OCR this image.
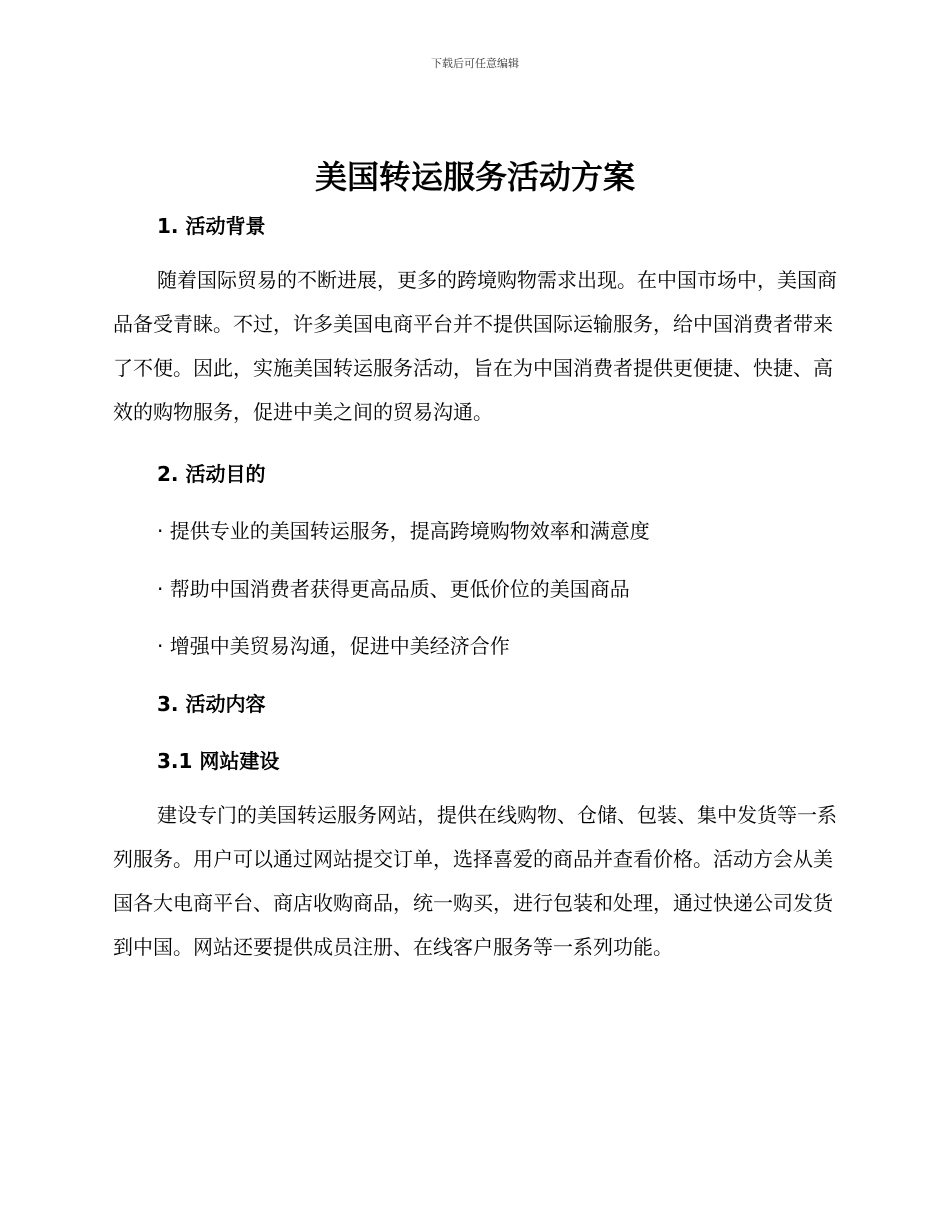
下载后可任意编辑
美国转运服务活动方案
1. 活动背景

随着国际贸易的不断进展，更多的跨境购物需求出现。在中国市场中，美国商品备受青睐。不过，许多美国电商平台并不提供国际运输服务，给中国消费者带来了不便。因此，实施美国转运服务活动，旨在为中国消费者提供更便捷、快捷、高效的购物服务，促进中美之间的贸易沟通。

2. 活动目的

· 提供专业的美国转运服务，提高跨境购物效率和满意度

· 帮助中国消费者获得更高品质、更低价位的美国商品

· 增强中美贸易沟通，促进中美经济合作

3. 活动内容
3.1 网站建设

建设专门的美国转运服务网站，提供在线购物、仓储、包装、集中发货等一系列服务。用户可以通过网站提交订单，选择喜爱的商品并查看价格。活动方会从美国各大电商平台、商店收购商品，统一购买，进行包装和处理，通过快递公司发货到中国。网站还要提供成员注册、在线客户服务等一系列功能。
